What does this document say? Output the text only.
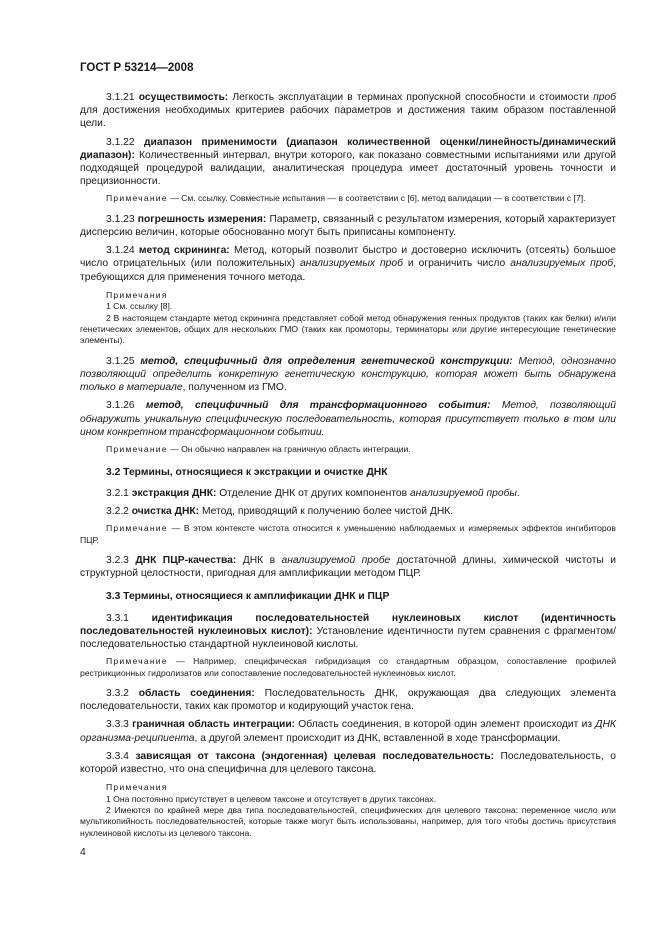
ГОСТ Р 53214—2008

3.1.21 осуществимость: Легкость эксплуатации в терминах пропускной способности и стоимости проб для достижения необходимых критериев рабочих параметров и достижения таким образом поставленной цели.

3.1.22 диапазон применимости (диапазон количественной оценки/линейность/динамический диапазон): Количественный интервал, внутри которого, как показано совместными испытаниями или другой подходящей процедурой валидации, аналитическая процедура имеет достаточный уровень точности и прецизионности.

Примечание — См. ссылку. Совместные испытания — в соответствии с [6], метод валидации — в соответствии с [7].

3.1.23 погрешность измерения: Параметр, связанный с результатом измерения, который характеризует дисперсию величин, которые обоснованно могут быть приписаны компоненту.

3.1.24 метод скрининга: Метод, который позволит быстро и достоверно исключить (отсеять) большое число отрицательных (или положительных) анализируемых проб и ограничить число анализируемых проб, требующихся для применения точного метода.

Примечания

1 См. ссылку [8].

2 В настоящем стандарте метод скрининга представляет собой метод обнаружения генных продуктов (таких как белки) и/или генетических элементов, общих для нескольких ГМО (таких как промоторы, терминаторы или другие интересующие генетические элементы).

3.1.25 метод, специфичный для определения генетической конструкции: Метод, однозначно позволяющий определить конкретную генетическую конструкцию, которая может быть обнаружена только в материале, полученном из ГМО.

3.1.26 метод, специфичный для трансформационного события: Метод, позволяющий обнаружить уникальную специфическую последовательность, которая присутствует только в том или ином конкретном трансформационном событии.

Примечание — Он обычно направлен на граничную область интеграции.

3.2 Термины, относящиеся к экстракции и очистке ДНК

3.2.1 экстракция ДНК: Отделение ДНК от других компонентов анализируемой пробы.

3.2.2 очистка ДНК: Метод, приводящий к получению более чистой ДНК.

Примечание — В этом контексте чистота относится к уменьшению наблюдаемых и измеряемых эффектов ингибиторов ПЦР.

3.2.3 ДНК ПЦР-качества: ДНК в анализируемой пробе достаточной длины, химической чистоты и структурной целостности, пригодная для амплификации методом ПЦР.

3.3 Термины, относящиеся к амплификации ДНК и ПЦР

3.3.1 идентификация последовательностей нуклеиновых кислот (идентичность последовательностей нуклеиновых кислот): Установление идентичности путем сравнения с фрагментом/последовательностью стандартной нуклеиновой кислоты.

Примечание — Например, специфическая гибридизация со стандартным образцом, сопоставление профилей рестрикционных гидролизатов или сопоставление последовательностей нуклеиновых кислот.

3.3.2 область соединения: Последовательность ДНК, окружающая два следующих элемента последовательности, таких как промотор и кодирующий участок гена.

3.3.3 граничная область интеграции: Область соединения, в которой один элемент происходит из ДНК организма-реципиента, а другой элемент происходит из ДНК, вставленной в ходе трансформации.

3.3.4 зависящая от таксона (эндогенная) целевая последовательность: Последовательность, о которой известно, что она специфична для целевого таксона.

Примечания

1 Она постоянно присутствует в целевом таксоне и отсутствует в других таксонах.

2 Имеются по крайней мере два типа последовательностей, специфических для целевого таксона: переменное число или мультикопийность последовательностей, которые также могут быть использованы, например, для того чтобы достичь присутствия нуклеиновой кислоты из целевого таксона.

4
